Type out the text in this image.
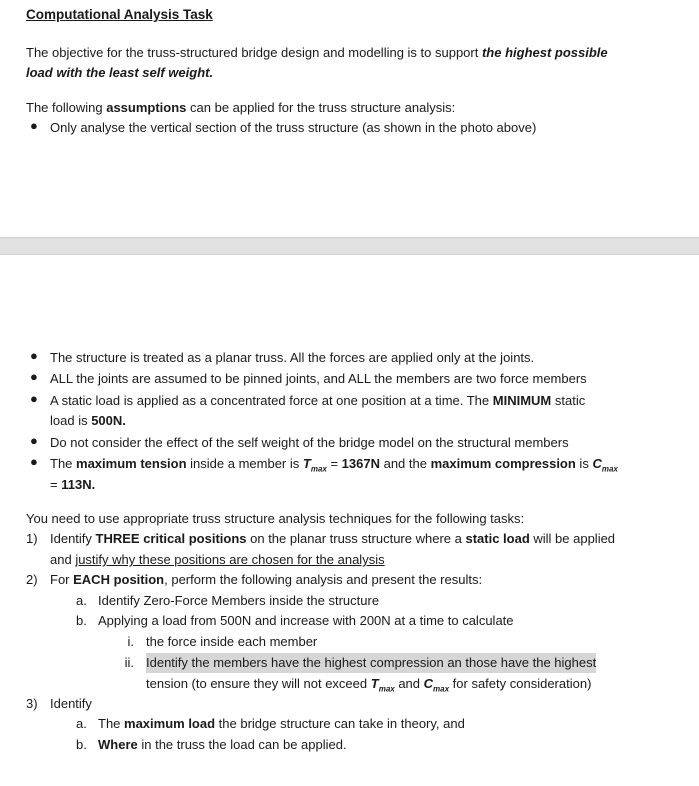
Computational Analysis Task
The objective for the truss-structured bridge design and modelling is to support the highest possible
load with the least self weight.
The following assumptions can be applied for the truss structure analysis:
● Only analyse the vertical section of the truss structure (as shown in the photo above)
● The structure is treated as a planar truss. All the forces are applied only at the joints.
● ALL the joints are assumed to be pinned joints, and ALL the members are two force members
● A static load is applied as a concentrated force at one position at a time. The MINIMUM static
load is 500N.
● Do not consider the effect of the self weight of the bridge model on the structural members
● The maximum tension inside a member is $T_{max} = 1367N$ and the maximum compression is $C_{max}$
= 113N.
You need to use appropriate truss structure analysis techniques for the following tasks:
1) Identify THREE critical positions on the planar truss structure where a static load will be applied
and justify why these positions are chosen for the analysis
2) For EACH position, perform the following analysis and present the results:
a. Identify Zero-Force Members inside the structure
b. Applying a load from 500N and increase with 200N at a time to calculate
i. the force inside each member
ii. Identify the members have the highest compression an those have the highest
tension (to ensure they will not exceed $T_{max}$ and $C_{max}$ for safety consideration)
3) Identify
a. The maximum load the bridge structure can take in theory, and
b. Where in the truss the load can be applied.
